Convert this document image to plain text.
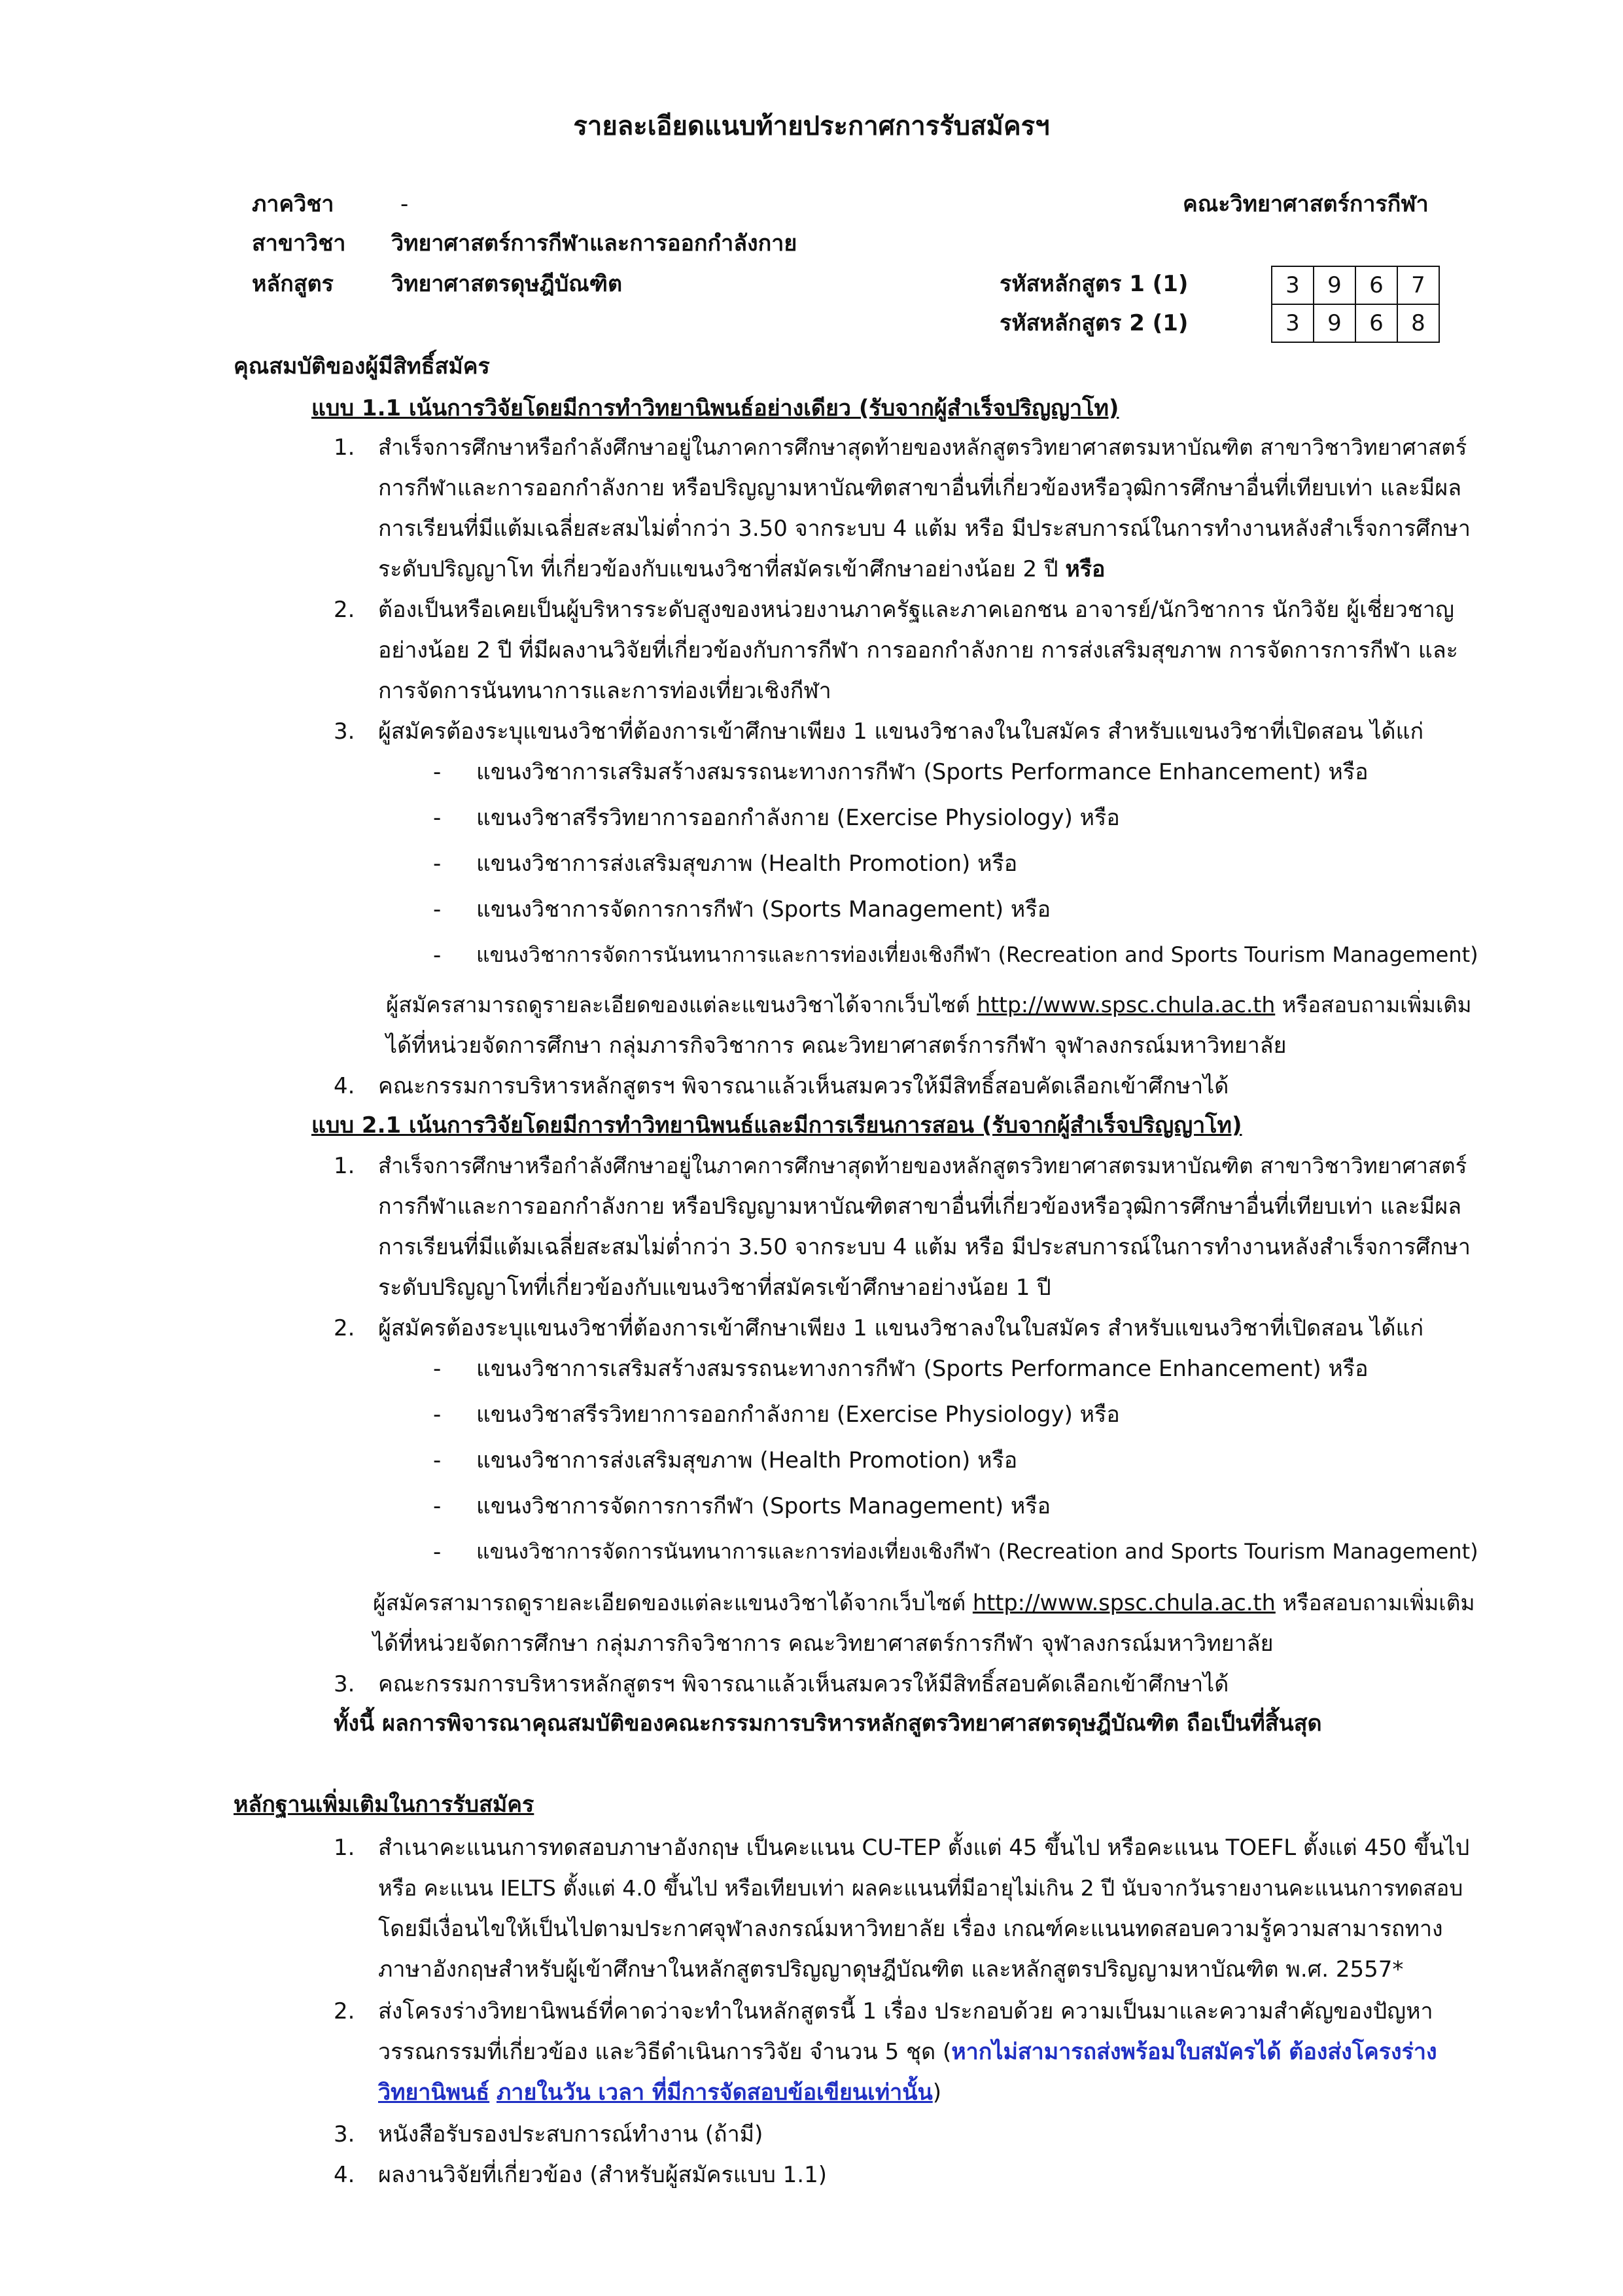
รายละเอียดแนบท้ายประกาศการรับสมัครฯ
ภาควิชา	-	คณะวิทยาศาสตร์การกีฬา
สาขาวิชา วิทยาศาสตร์การกีฬาและการออกกำลังกาย
หลักสูตร	วิทยาศาสตรดุษฎีบัณฑิต	รหัสหลักสูตร 1 (1)	3	9	6	7
รหัสหลักสูตร 2 (1)	3	9	6	8
คุณสมบัติของผู้มีสิทธิ์สมัคร
แบบ 1.1 เน้นการวิจัยโดยมีการทำวิทยานิพนธ์อย่างเดียว (รับจากผู้สำเร็จปริญญาโท)
1. สำเร็จการศึกษาหรือกำลังศึกษาอยู่ในภาคการศึกษาสุดท้ายของหลักสูตรวิทยาศาสตรมหาบัณฑิต สาขาวิชาวิทยาศาสตร์
การกีฬาและการออกกำลังกาย หรือปริญญามหาบัณฑิตสาขาอื่นที่เกี่ยวข้องหรือวุฒิการศึกษาอื่นที่เทียบเท่า และมีผล
การเรียนที่มีแต้มเฉลี่ยสะสมไม่ต่ำกว่า 3.50 จากระบบ 4 แต้ม หรือ มีประสบการณ์ในการทำงานหลังสำเร็จการศึกษา
ระดับปริญญาโท ที่เกี่ยวข้องกับแขนงวิชาที่สมัครเข้าศึกษาอย่างน้อย 2 ปี หรือ
2. ต้องเป็นหรือเคยเป็นผู้บริหารระดับสูงของหน่วยงานภาครัฐและภาคเอกชน อาจารย์/นักวิชาการ นักวิจัย ผู้เชี่ยวชาญ
อย่างน้อย 2 ปี ที่มีผลงานวิจัยที่เกี่ยวข้องกับการกีฬา การออกกำลังกาย การส่งเสริมสุขภาพ การจัดการการกีฬา และ
การจัดการนันทนาการและการท่องเที่ยวเชิงกีฬา
3. ผู้สมัครต้องระบุแขนงวิชาที่ต้องการเข้าศึกษาเพียง 1 แขนงวิชาลงในใบสมัคร สำหรับแขนงวิชาที่เปิดสอน ได้แก่
- แขนงวิชาการเสริมสร้างสมรรถนะทางการกีฬา (Sports Performance Enhancement) หรือ
- แขนงวิชาสรีรวิทยาการออกกำลังกาย (Exercise Physiology) หรือ
- แขนงวิชาการส่งเสริมสุขภาพ (Health Promotion) หรือ
- แขนงวิชาการจัดการการกีฬา (Sports Management) หรือ
- แขนงวิชาการจัดการนันทนาการและการท่องเที่ยงเชิงกีฬา (Recreation and Sports Tourism Management)
ผู้สมัครสามารถดูรายละเอียดของแต่ละแขนงวิชาได้จากเว็บไซต์ http://www.spsc.chula.ac.th หรือสอบถามเพิ่มเติม
ได้ที่หน่วยจัดการศึกษา กลุ่มภารกิจวิชาการ คณะวิทยาศาสตร์การกีฬา จุฬาลงกรณ์มหาวิทยาลัย
4. คณะกรรมการบริหารหลักสูตรฯ พิจารณาแล้วเห็นสมควรให้มีสิทธิ์สอบคัดเลือกเข้าศึกษาได้
แบบ 2.1 เน้นการวิจัยโดยมีการทำวิทยานิพนธ์และมีการเรียนการสอน (รับจากผู้สำเร็จปริญญาโท)
1. สำเร็จการศึกษาหรือกำลังศึกษาอยู่ในภาคการศึกษาสุดท้ายของหลักสูตรวิทยาศาสตรมหาบัณฑิต สาขาวิชาวิทยาศาสตร์
การกีฬาและการออกกำลังกาย หรือปริญญามหาบัณฑิตสาขาอื่นที่เกี่ยวข้องหรือวุฒิการศึกษาอื่นที่เทียบเท่า และมีผล
การเรียนที่มีแต้มเฉลี่ยสะสมไม่ต่ำกว่า 3.50 จากระบบ 4 แต้ม หรือ มีประสบการณ์ในการทำงานหลังสำเร็จการศึกษา
ระดับปริญญาโทที่เกี่ยวข้องกับแขนงวิชาที่สมัครเข้าศึกษาอย่างน้อย 1 ปี
2. ผู้สมัครต้องระบุแขนงวิชาที่ต้องการเข้าศึกษาเพียง 1 แขนงวิชาลงในใบสมัคร สำหรับแขนงวิชาที่เปิดสอน ได้แก่
- แขนงวิชาการเสริมสร้างสมรรถนะทางการกีฬา (Sports Performance Enhancement) หรือ
- แขนงวิชาสรีรวิทยาการออกกำลังกาย (Exercise Physiology) หรือ
- แขนงวิชาการส่งเสริมสุขภาพ (Health Promotion) หรือ
- แขนงวิชาการจัดการการกีฬา (Sports Management) หรือ
- แขนงวิชาการจัดการนันทนาการและการท่องเที่ยงเชิงกีฬา (Recreation and Sports Tourism Management)
ผู้สมัครสามารถดูรายละเอียดของแต่ละแขนงวิชาได้จากเว็บไซต์ http://www.spsc.chula.ac.th หรือสอบถามเพิ่มเติม
ได้ที่หน่วยจัดการศึกษา กลุ่มภารกิจวิชาการ คณะวิทยาศาสตร์การกีฬา จุฬาลงกรณ์มหาวิทยาลัย
3. คณะกรรมการบริหารหลักสูตรฯ พิจารณาแล้วเห็นสมควรให้มีสิทธิ์สอบคัดเลือกเข้าศึกษาได้
ทั้งนี้ ผลการพิจารณาคุณสมบัติของคณะกรรมการบริหารหลักสูตรวิทยาศาสตรดุษฎีบัณฑิต ถือเป็นที่สิ้นสุด
หลักฐานเพิ่มเติมในการรับสมัคร
1. สำเนาคะแนนการทดสอบภาษาอังกฤษ เป็นคะแนน CU-TEP ตั้งแต่ 45 ขึ้นไป หรือคะแนน TOEFL ตั้งแต่ 450 ขึ้นไป
หรือ คะแนน IELTS ตั้งแต่ 4.0 ขึ้นไป หรือเทียบเท่า ผลคะแนนที่มีอายุไม่เกิน 2 ปี นับจากวันรายงานคะแนนการทดสอบ
โดยมีเงื่อนไขให้เป็นไปตามประกาศจุฬาลงกรณ์มหาวิทยาลัย เรื่อง เกณฑ์คะแนนทดสอบความรู้ความสามารถทาง
ภาษาอังกฤษสำหรับผู้เข้าศึกษาในหลักสูตรปริญญาดุษฎีบัณฑิต และหลักสูตรปริญญามหาบัณฑิต พ.ศ. 2557*
2. ส่งโครงร่างวิทยานิพนธ์ที่คาดว่าจะทำในหลักสูตรนี้ 1 เรื่อง ประกอบด้วย ความเป็นมาและความสำคัญของปัญหา
วรรณกรรมที่เกี่ยวข้อง และวิธีดำเนินการวิจัย จำนวน 5 ชุด (หากไม่สามารถส่งพร้อมใบสมัครได้ ต้องส่งโครงร่าง
วิทยานิพนธ์ ภายในวัน เวลา ที่มีการจัดสอบข้อเขียนเท่านั้น)
3. หนังสือรับรองประสบการณ์ทำงาน (ถ้ามี)
4. ผลงานวิจัยที่เกี่ยวข้อง (สำหรับผู้สมัครแบบ 1.1)
